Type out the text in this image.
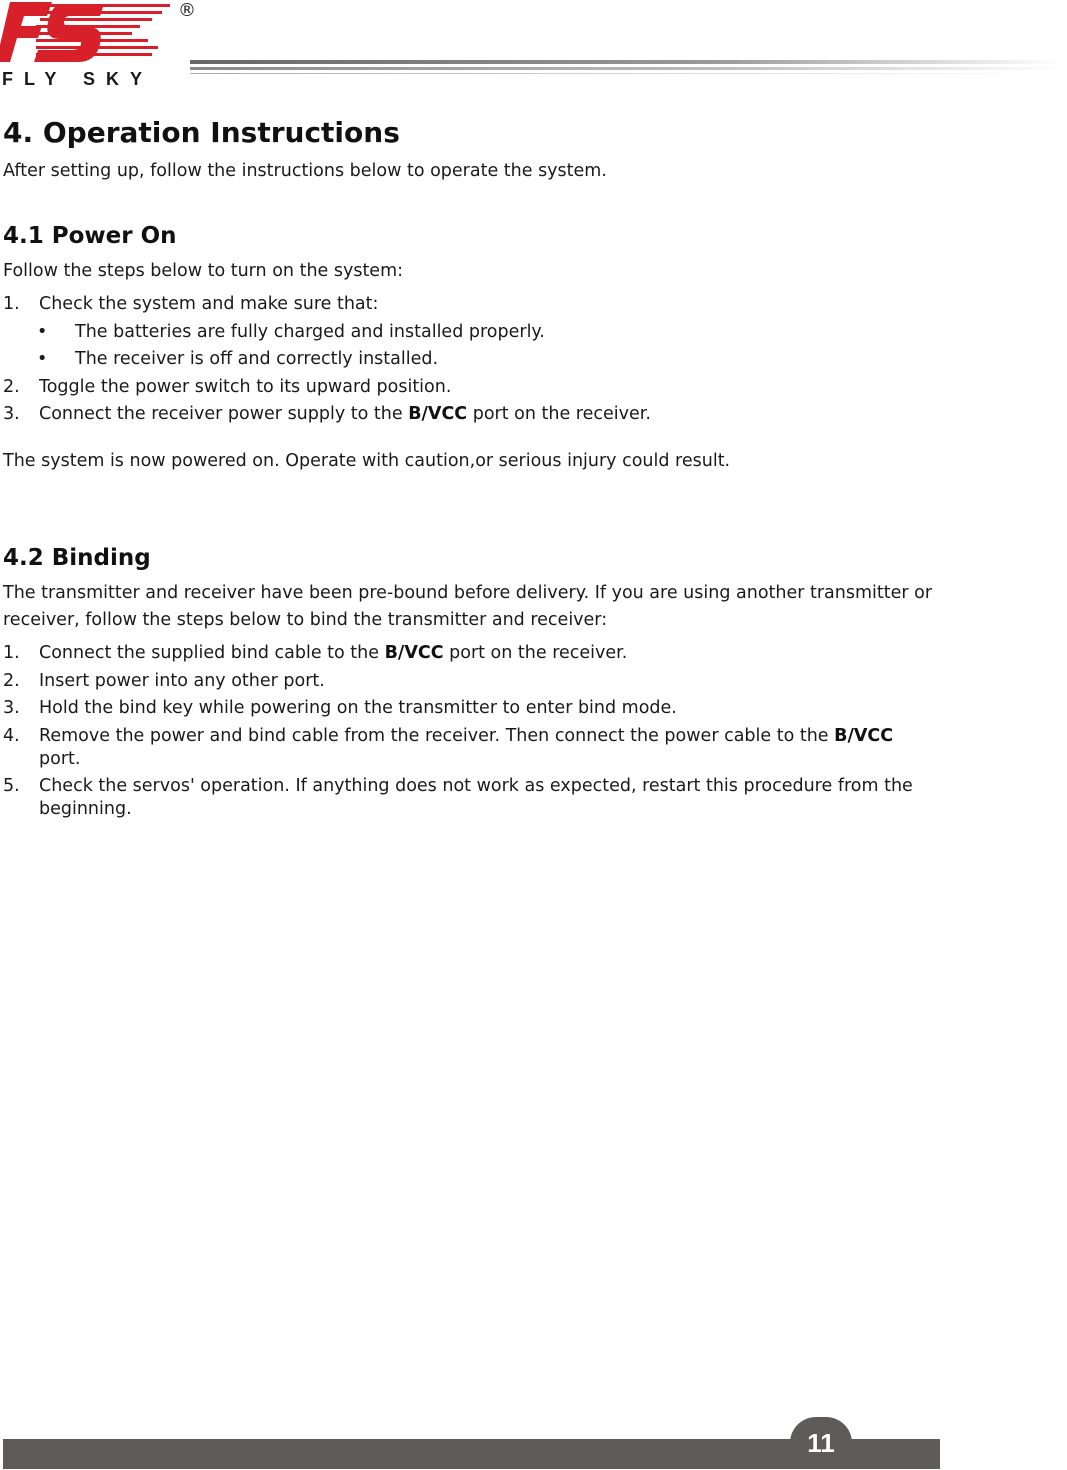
®
FLY SKY
4. Operation Instructions

After setting up, follow the instructions below to operate the system.

4.1 Power On

Follow the steps below to turn on the system:

1. Check the system and make sure that:
• The batteries are fully charged and installed properly.
• The receiver is off and correctly installed.
2. Toggle the power switch to its upward position.
3. Connect the receiver power supply to the B/VCC port on the receiver.

The system is now powered on. Operate with caution,or serious injury could result.

4.2 Binding

The transmitter and receiver have been pre-bound before delivery. If you are using another transmitter or receiver, follow the steps below to bind the transmitter and receiver:

1. Connect the supplied bind cable to the B/VCC port on the receiver.
2. Insert power into any other port.
3. Hold the bind key while powering on the transmitter to enter bind mode.
4. Remove the power and bind cable from the receiver. Then connect the power cable to the B/VCC port.
5. Check the servos' operation. If anything does not work as expected, restart this procedure from the beginning.
11
